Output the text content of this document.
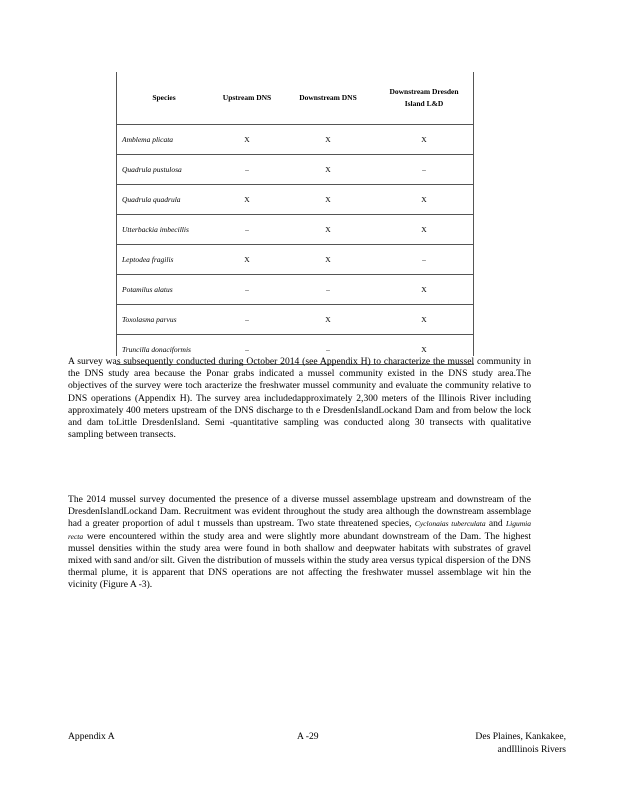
Species	Upstream DNS	Downstream DNS	Downstream Dresden
Island L&D
Amblema plicata	X	X	X
Quadrula pustulosa	–	X	–
Quadrula quadrula	X	X	X
Utterbackia imbecillis	–	X	X
Leptodea fragilis	X	X	–
Potamilus alatus	–	–	X
Toxolasma parvus	–	X	X
Truncilla donaciformis	–	–	X
A survey was subsequently conducted during October 2014 (see Appendix H) to characterize the mussel community in the DNS study area because the Ponar grabs indicated a mussel community existed in the DNS study area.The objectives of the survey were toch aracterize the freshwater mussel community and evaluate the community relative to DNS operations (Appendix H). The survey area includedapproximately 2,300 meters of the Illinois River including approximately 400 meters upstream of the DNS discharge to th e DresdenIslandLockand Dam and from below the lock and dam toLittle DresdenIsland. Semi -quantitative sampling was conducted along 30 transects with qualitative sampling between transects.
The 2014 mussel survey documented the presence of a diverse mussel assemblage upstream and downstream of the DresdenIslandLockand Dam. Recruitment was evident throughout the study area although the downstream assemblage had a greater proportion of adul t mussels than upstream. Two state threatened species, Cyclonaias tuberculata and Ligumia recta were encountered within the study area and were slightly more abundant downstream of the Dam. The highest mussel densities within the study area were found in both shallow and deepwater habitats with substrates of gravel mixed with sand and/or silt. Given the distribution of mussels within the study area versus typical dispersion of the DNS thermal plume, it is apparent that DNS operations are not affecting the freshwater mussel assemblage wit hin the vicinity (Figure A -3).
Appendix A	A -29	Des Plaines, Kankakee,
andIllinois Rivers
